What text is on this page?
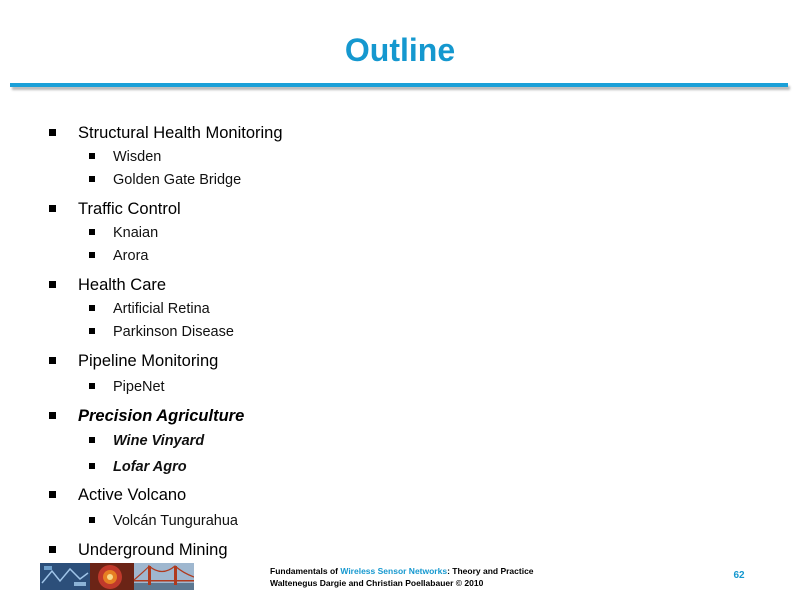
Outline
Structural Health Monitoring
Wisden
Golden Gate Bridge
Traffic Control
Knaian
Arora
Health Care
Artificial Retina
Parkinson Disease
Pipeline Monitoring
PipeNet
Precision Agriculture
Wine Vinyard
Lofar Agro
Active Volcano
Volcán Tungurahua
Underground Mining
Fundamentals of Wireless Sensor Networks: Theory and Practice
Waltenegus Dargie and Christian Poellabauer © 2010
62
